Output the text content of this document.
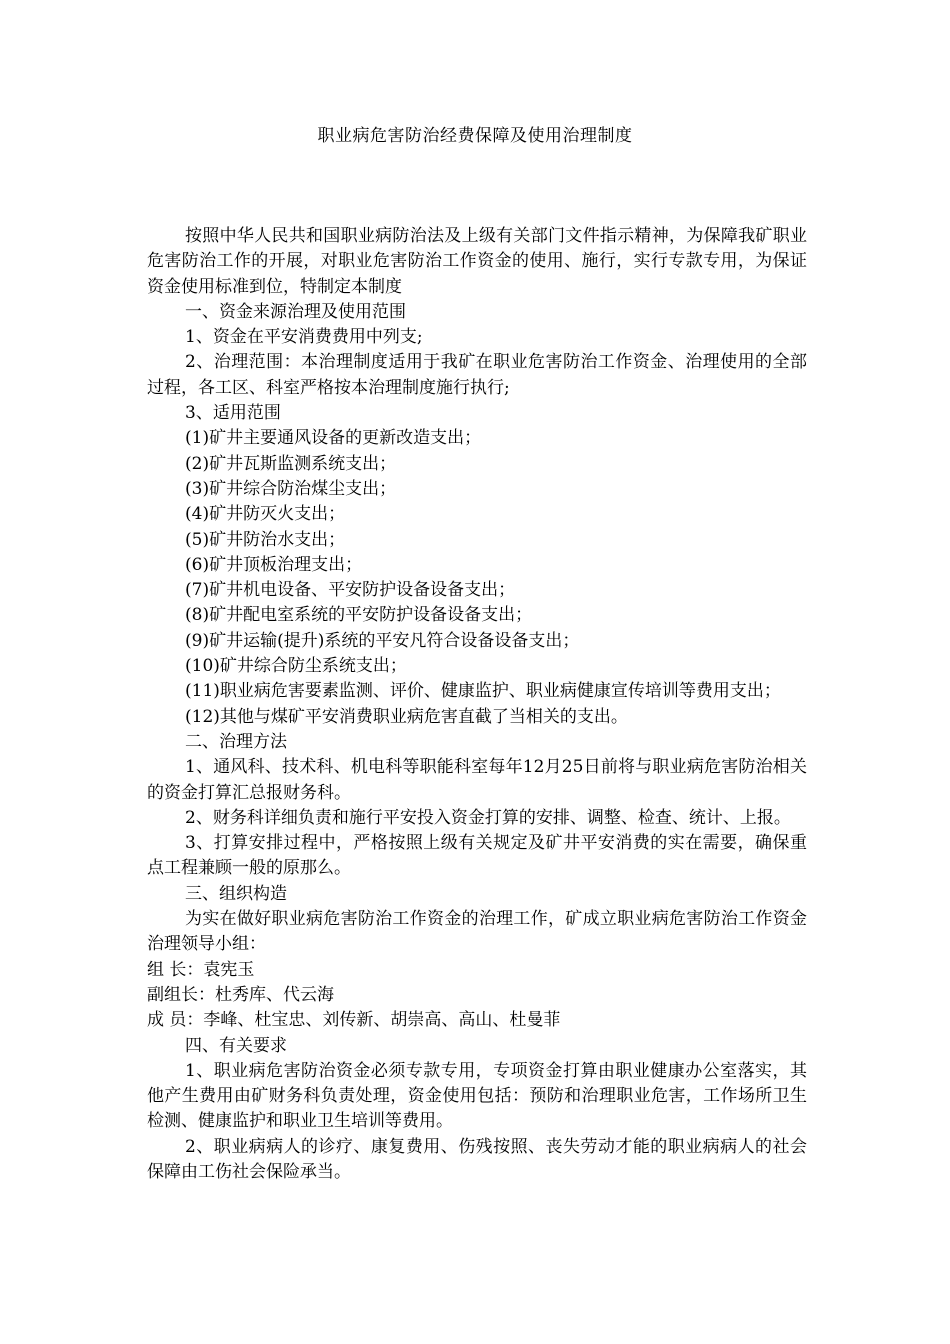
职业病危害防治经费保障及使用治理制度

按照中华人民共和国职业病防治法及上级有关部门文件指示精神，为保障我矿职业危害防治工作的开展，对职业危害防治工作资金的使用、施行，实行专款专用，为保证资金使用标准到位，特制定本制度

一、资金来源治理及使用范围

1、资金在平安消费费用中列支;

2、治理范围：本治理制度适用于我矿在职业危害防治工作资金、治理使用的全部过程，各工区、科室严格按本治理制度施行执行;

3、适用范围

(1)矿井主要通风设备的更新改造支出；

(2)矿井瓦斯监测系统支出；

(3)矿井综合防治煤尘支出；

(4)矿井防灭火支出；

(5)矿井防治水支出；

(6)矿井顶板治理支出；

(7)矿井机电设备、平安防护设备设备支出；

(8)矿井配电室系统的平安防护设备设备支出；

(9)矿井运输(提升)系统的平安凡符合设备设备支出；

(10)矿井综合防尘系统支出；

(11)职业病危害要素监测、评价、健康监护、职业病健康宣传培训等费用支出；

(12)其他与煤矿平安消费职业病危害直截了当相关的支出。

二、治理方法

1、通风科、技术科、机电科等职能科室每年12月25日前将与职业病危害防治相关的资金打算汇总报财务科。

2、财务科详细负责和施行平安投入资金打算的安排、调整、检查、统计、上报。

3、打算安排过程中，严格按照上级有关规定及矿井平安消费的实在需要，确保重点工程兼顾一般的原那么。

三、组织构造

为实在做好职业病危害防治工作资金的治理工作，矿成立职业病危害防治工作资金治理领导小组：

组 长：袁宪玉

副组长：杜秀库、代云海

成 员：李峰、杜宝忠、刘传新、胡崇高、高山、杜曼菲

四、有关要求

1、职业病危害防治资金必须专款专用，专项资金打算由职业健康办公室落实，其他产生费用由矿财务科负责处理，资金使用包括：预防和治理职业危害，工作场所卫生检测、健康监护和职业卫生培训等费用。

2、职业病病人的诊疗、康复费用、伤残按照、丧失劳动才能的职业病病人的社会保障由工伤社会保险承当。
